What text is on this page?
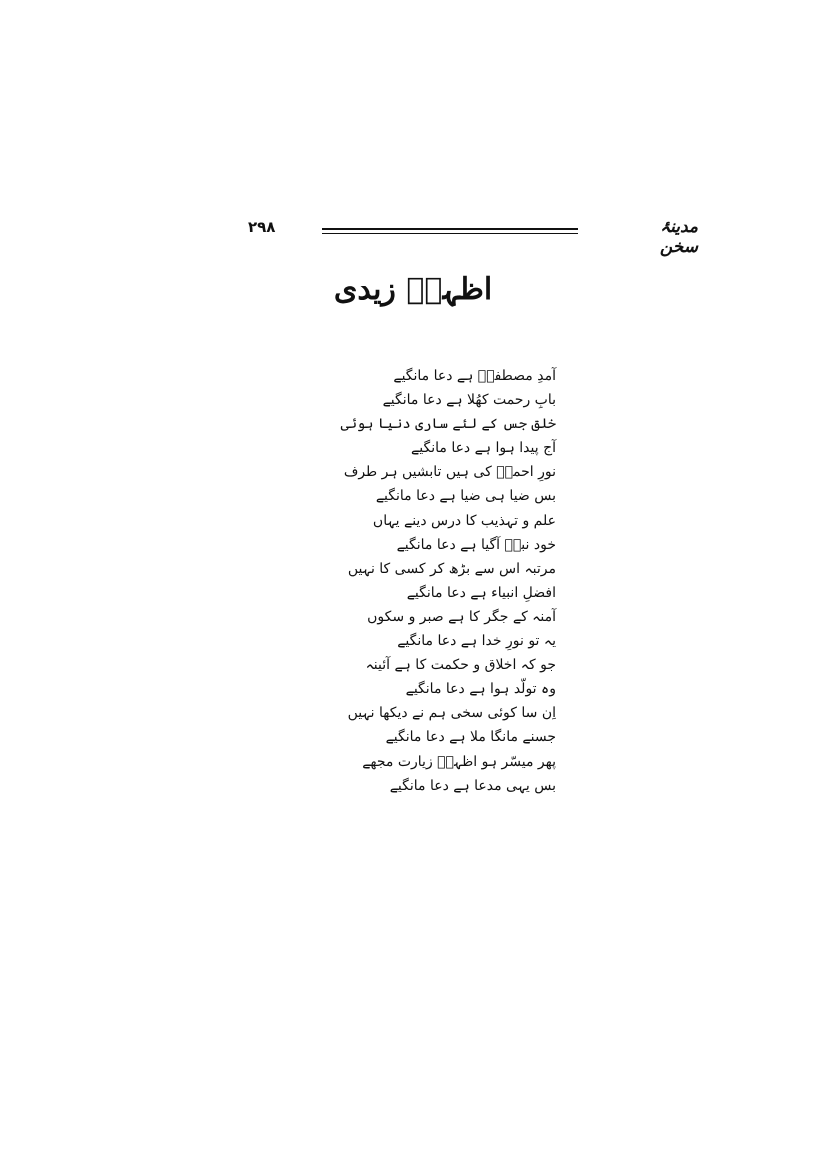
۲۹۸	مدینۂ سخن
اظہرؔ زیدی
آمدِ مصطفیؐ ہے دعا مانگیے
بابِ رحمت کھُلا ہے دعا مانگیے
خلق جس کے لئے ساری دنیا ہوئی
آج پیدا ہوا ہے دعا مانگیے
نورِ احمدؐ کی ہیں تابشیں ہر طرف
بس ضیا ہی ضیا ہے دعا مانگیے
علم و تہذیب کا درس دینے یہاں
خود نبیؐ آگیا ہے دعا مانگیے
مرتبہ اس سے بڑھ کر کسی کا نہیں
افضلِ انبیاء ہے دعا مانگیے
آمنہ کے جگر کا ہے صبر و سکوں
یہ تو نورِ خدا ہے دعا مانگیے
جو کہ اخلاق و حکمت کا ہے آئینہ
وہ تولّد ہوا ہے دعا مانگیے
اِن سا کوئی سخی ہم نے دیکھا نہیں
جسنے مانگا ملا ہے دعا مانگیے
پھر میسّر ہو اظہرؔ زیارت مجھے
بس یہی مدعا ہے دعا مانگیے
